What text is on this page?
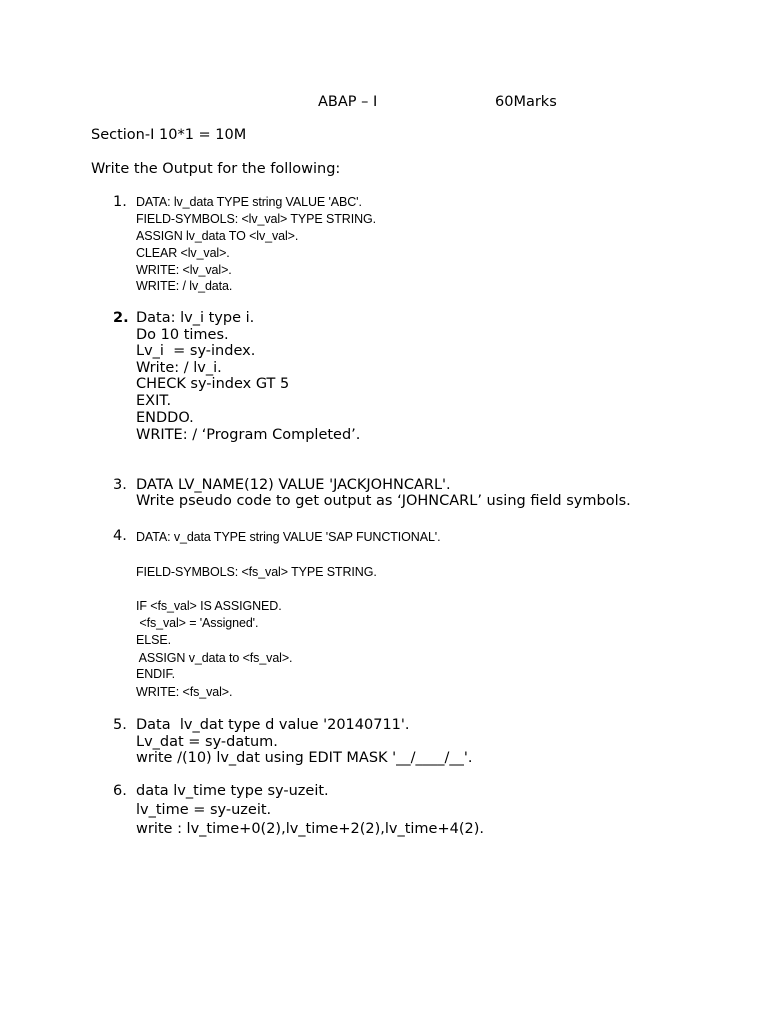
ABAP – I	60Marks
Section-I 10*1 = 10M
Write the Output for the following:
1. DATA: lv_data TYPE string VALUE 'ABC'.
FIELD-SYMBOLS: <lv_val> TYPE STRING.
ASSIGN lv_data TO <lv_val>.
CLEAR <lv_val>.
WRITE: <lv_val>.
WRITE: / lv_data.
2. Data: lv_i type i.
Do 10 times.
Lv_i  = sy-index.
Write: / lv_i.
CHECK sy-index GT 5
EXIT.
ENDDO.
WRITE: / ‘Program Completed’.
3. DATA LV_NAME(12) VALUE 'JACKJOHNCARL'.
Write pseudo code to get output as ‘JOHNCARL’ using field symbols.
4. DATA: v_data TYPE string VALUE 'SAP FUNCTIONAL'.
FIELD-SYMBOLS: <fs_val> TYPE STRING.
IF <fs_val> IS ASSIGNED.
<fs_val> = 'Assigned'.
ELSE.
ASSIGN v_data to <fs_val>.
ENDIF.
WRITE: <fs_val>.
5. Data  lv_dat type d value '20140711'.
Lv_dat = sy-datum.
write /(10) lv_dat using EDIT MASK '__/____/__'.
6. data lv_time type sy-uzeit.
lv_time = sy-uzeit.
write : lv_time+0(2),lv_time+2(2),lv_time+4(2).
